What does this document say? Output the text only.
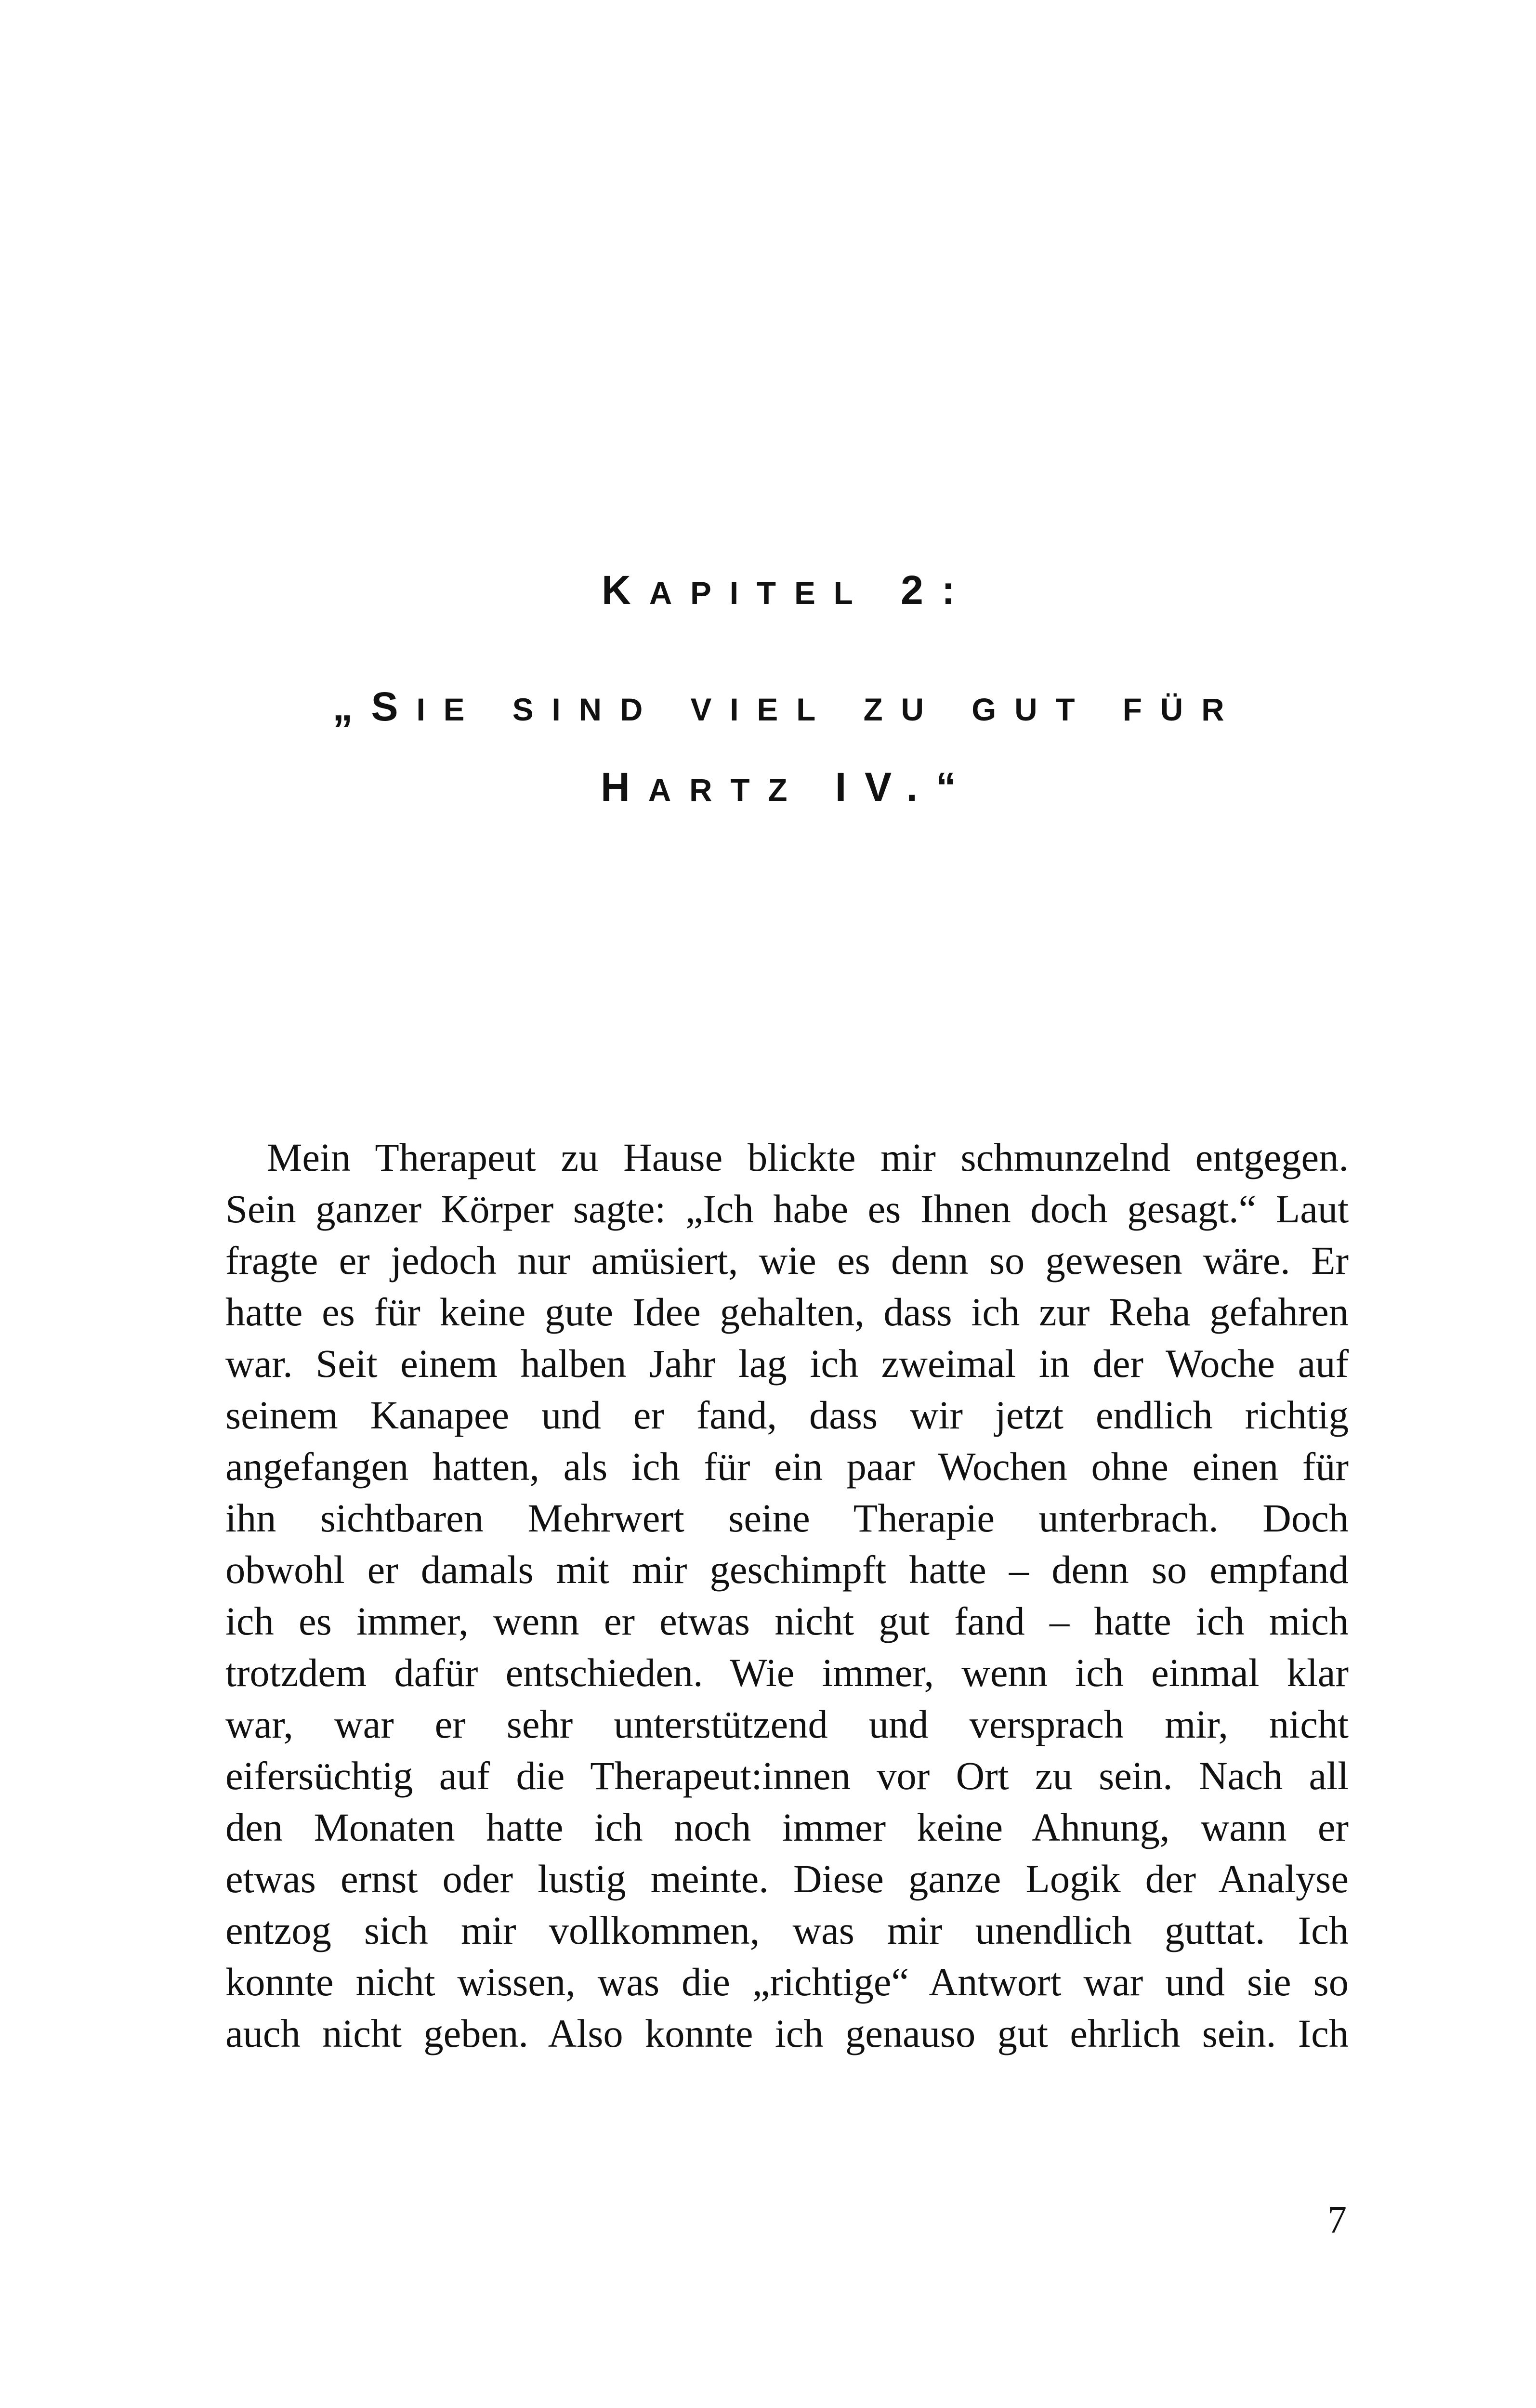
KAPITEL 2:
„SIE SIND VIEL ZU GUT FÜR
HARTZ IV.“
Mein Therapeut zu Hause blickte mir schmunzelnd entgegen.
Sein ganzer Körper sagte: „Ich habe es Ihnen doch gesagt.“ Laut
fragte er jedoch nur amüsiert, wie es denn so gewesen wäre. Er
hatte es für keine gute Idee gehalten, dass ich zur Reha gefahren
war. Seit einem halben Jahr lag ich zweimal in der Woche auf
seinem Kanapee und er fand, dass wir jetzt endlich richtig
angefangen hatten, als ich für ein paar Wochen ohne einen für
ihn sichtbaren Mehrwert seine Therapie unterbrach. Doch
obwohl er damals mit mir geschimpft hatte – denn so empfand
ich es immer, wenn er etwas nicht gut fand – hatte ich mich
trotzdem dafür entschieden. Wie immer, wenn ich einmal klar
war, war er sehr unterstützend und versprach mir, nicht
eifersüchtig auf die Therapeut:innen vor Ort zu sein. Nach all
den Monaten hatte ich noch immer keine Ahnung, wann er
etwas ernst oder lustig meinte. Diese ganze Logik der Analyse
entzog sich mir vollkommen, was mir unendlich guttat. Ich
konnte nicht wissen, was die „richtige“ Antwort war und sie so
auch nicht geben. Also konnte ich genauso gut ehrlich sein. Ich
7
